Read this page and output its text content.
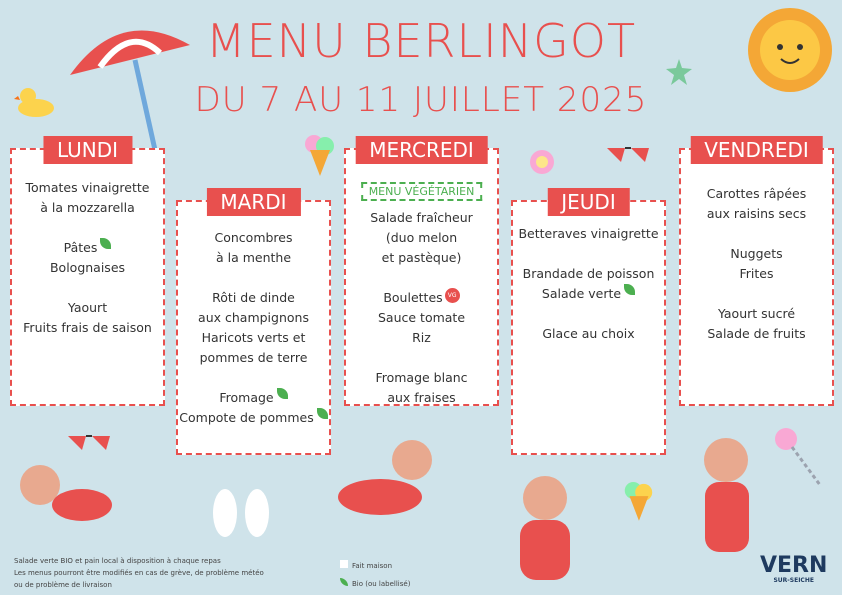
MENU BERLINGOT
DU 7 AU 11 JUILLET 2025
LUNDI
Tomates vinaigrette
à la mozzarella
Pâtes
Bolognaises
Yaourt
Fruits frais de saison
MARDI
Concombres
à la menthe
Rôti de dinde
aux champignons
Haricots verts et
pommes de terre
Fromage
Compote de pommes
MERCREDI
MENU VÉGÉTARIEN
Salade fraîcheur
(duo melon
et pastèque)
Boulettes VG
Sauce tomate
Riz
Fromage blanc
aux fraises
JEUDI
Betteraves vinaigrette
Brandade de poisson
Salade verte
Glace au choix
VENDREDI
Carottes râpées
aux raisins secs
Nuggets
Frites
Yaourt sucré
Salade de fruits
Salade verte BIO et pain local à disposition à chaque repas
Les menus pourront être modifiés en cas de grève, de problème météo
ou de problème de livraison
Fait maison
Bio (ou labellisé)
VERN
SUR-SEICHE
